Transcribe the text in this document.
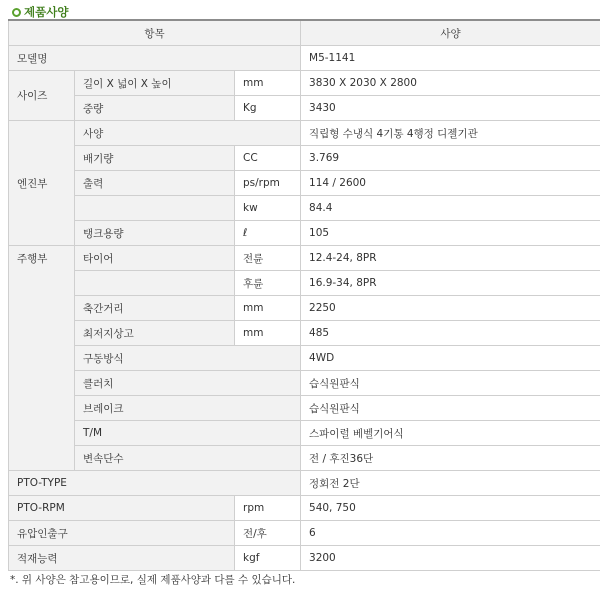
제품사양
항목			사양
모델명			M5-1141
사이즈	길이 X 넓이 X 높이	mm	3830 X 2030 X 2800
	중량	Kg	3430
엔진부	사양		직립형 수냉식 4기통 4행정 디젤기관
	배기량	CC	3.769
	출력	ps/rpm	114 / 2600
		kw	84.4
	탱크용량	ℓ	105
주행부	타이어	전륜	12.4-24, 8PR
		후륜	16.9-34, 8PR
	축간거리	mm	2250
	최저지상고	mm	485
	구동방식		4WD
	클러치		습식원판식
	브레이크		습식원판식
	T/M		스파이럴 베벨기어식
	변속단수		전 / 후진36단
PTO-TYPE			정회전 2단
PTO-RPM		rpm	540, 750
유압인출구		전/후	6
적재능력		kgf	3200
*. 위 사양은 참고용이므로, 실제 제품사양과 다를 수 있습니다.
